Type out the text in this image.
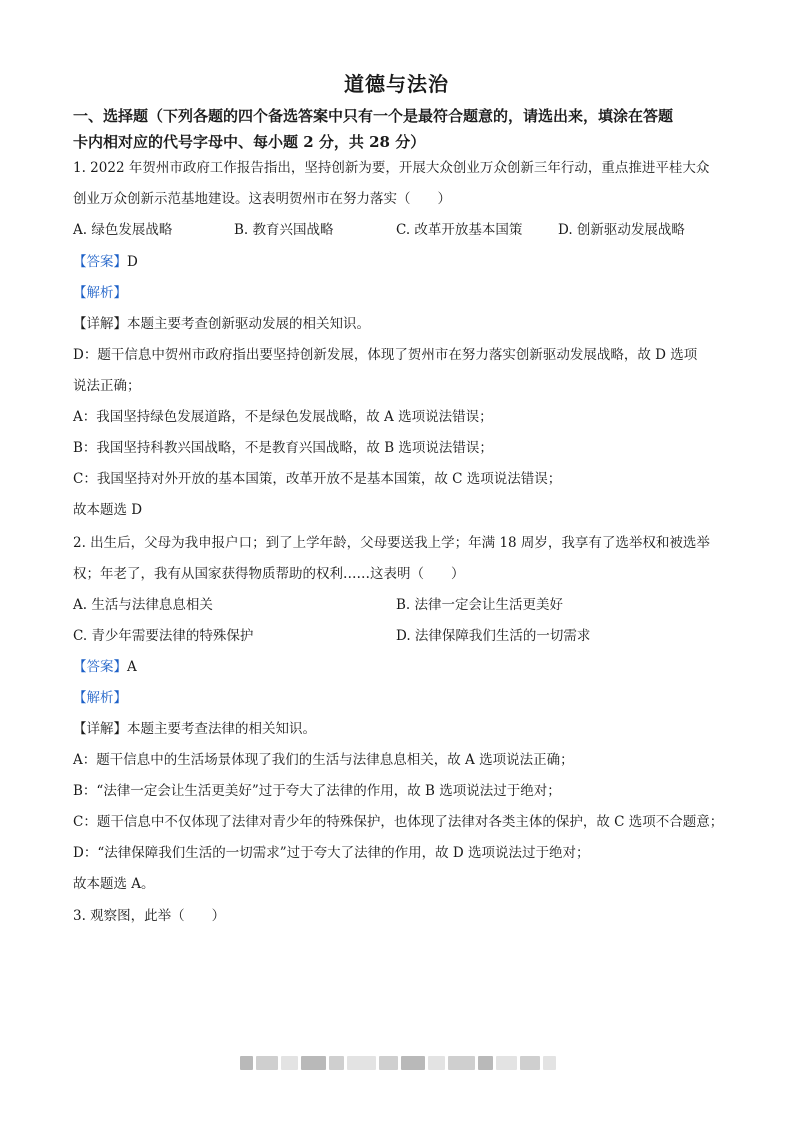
道德与法治
一、选择题（下列各题的四个备选答案中只有一个是最符合题意的，请选出来，填涂在答题
卡内相对应的代号字母中、每小题 2 分，共 28 分）
1. 2022 年贺州市政府工作报告指出，坚持创新为要，开展大众创业万众创新三年行动，重点推进平桂大众
创业万众创新示范基地建设。这表明贺州市在努力落实（　　）
A. 绿色发展战略	B. 教育兴国战略	C. 改革开放基本国策	D. 创新驱动发展战略
【答案】D
【解析】
【详解】本题主要考查创新驱动发展的相关知识。
D：题干信息中贺州市政府指出要坚持创新发展，体现了贺州市在努力落实创新驱动发展战略，故 D 选项
说法正确；
A：我国坚持绿色发展道路，不是绿色发展战略，故 A 选项说法错误；
B：我国坚持科教兴国战略，不是教育兴国战略，故 B 选项说法错误；
C：我国坚持对外开放的基本国策，改革开放不是基本国策，故 C 选项说法错误；
故本题选 D
2. 出生后，父母为我申报户口；到了上学年龄，父母要送我上学；年满 18 周岁，我享有了选举权和被选举
权；年老了，我有从国家获得物质帮助的权利……这表明（　　）
A. 生活与法律息息相关	B. 法律一定会让生活更美好
C. 青少年需要法律的特殊保护	D. 法律保障我们生活的一切需求
【答案】A
【解析】
【详解】本题主要考查法律的相关知识。
A：题干信息中的生活场景体现了我们的生活与法律息息相关，故 A 选项说法正确；
B：“法律一定会让生活更美好”过于夸大了法律的作用，故 B 选项说法过于绝对；
C：题干信息中不仅体现了法律对青少年的特殊保护，也体现了法律对各类主体的保护，故 C 选项不合题意；
D：“法律保障我们生活的一切需求”过于夸大了法律的作用，故 D 选项说法过于绝对；
故本题选 A。
3. 观察图，此举（　　）
